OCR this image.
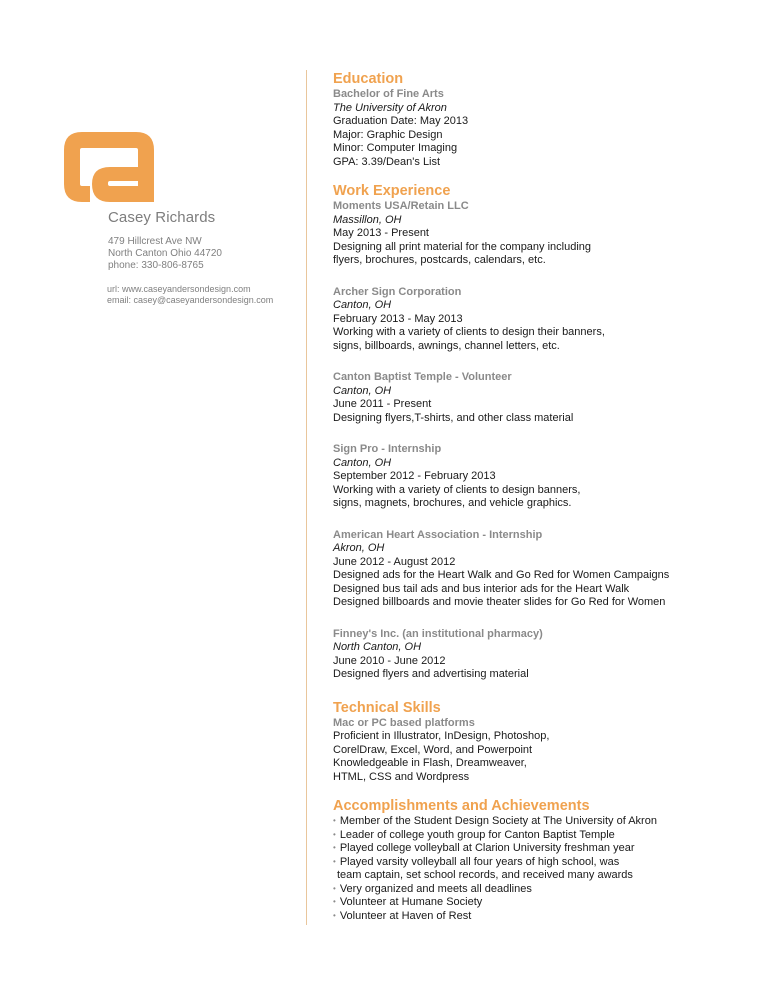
Casey Richards
479 Hillcrest Ave NW
North Canton Ohio 44720
phone: 330-806-8765
url: www.caseyandersondesign.com
email: casey@caseyandersondesign.com
Education
Bachelor of Fine Arts
The University of Akron
Graduation Date: May 2013
Major: Graphic Design
Minor: Computer Imaging
GPA: 3.39/Dean's List
Work Experience
Moments USA/Retain LLC
Massillon, OH
May 2013 - Present
Designing all print material for the company including
flyers, brochures, postcards, calendars, etc.
Archer Sign Corporation
Canton, OH
February 2013 - May 2013
Working with a variety of clients to design their banners,
signs, billboards, awnings, channel letters, etc.
Canton Baptist Temple - Volunteer
Canton, OH
June 2011 - Present
Designing flyers,T-shirts, and other class material
Sign Pro - Internship
Canton, OH
September 2012 - February 2013
Working with a variety of clients to design banners,
signs, magnets, brochures, and vehicle graphics.
American Heart Association - Internship
Akron, OH
June 2012 - August 2012
Designed ads for the Heart Walk and Go Red for Women Campaigns
Designed bus tail ads and bus interior ads for the Heart Walk
Designed billboards and movie theater slides for Go Red for Women
Finney's Inc. (an institutional pharmacy)
North Canton, OH
June 2010 - June 2012
Designed flyers and advertising material
Technical Skills
Mac or PC based platforms
Proficient in Illustrator, InDesign, Photoshop,
CorelDraw, Excel, Word, and Powerpoint
Knowledgeable in Flash, Dreamweaver,
HTML, CSS and Wordpress
Accomplishments and Achievements
• Member of the Student Design Society at The University of Akron
• Leader of college youth group for Canton Baptist Temple
• Played college volleyball at Clarion University freshman year
• Played varsity volleyball all four years of high school, was
team captain, set school records, and received many awards
• Very organized and meets all deadlines
• Volunteer at Humane Society
• Volunteer at Haven of Rest
